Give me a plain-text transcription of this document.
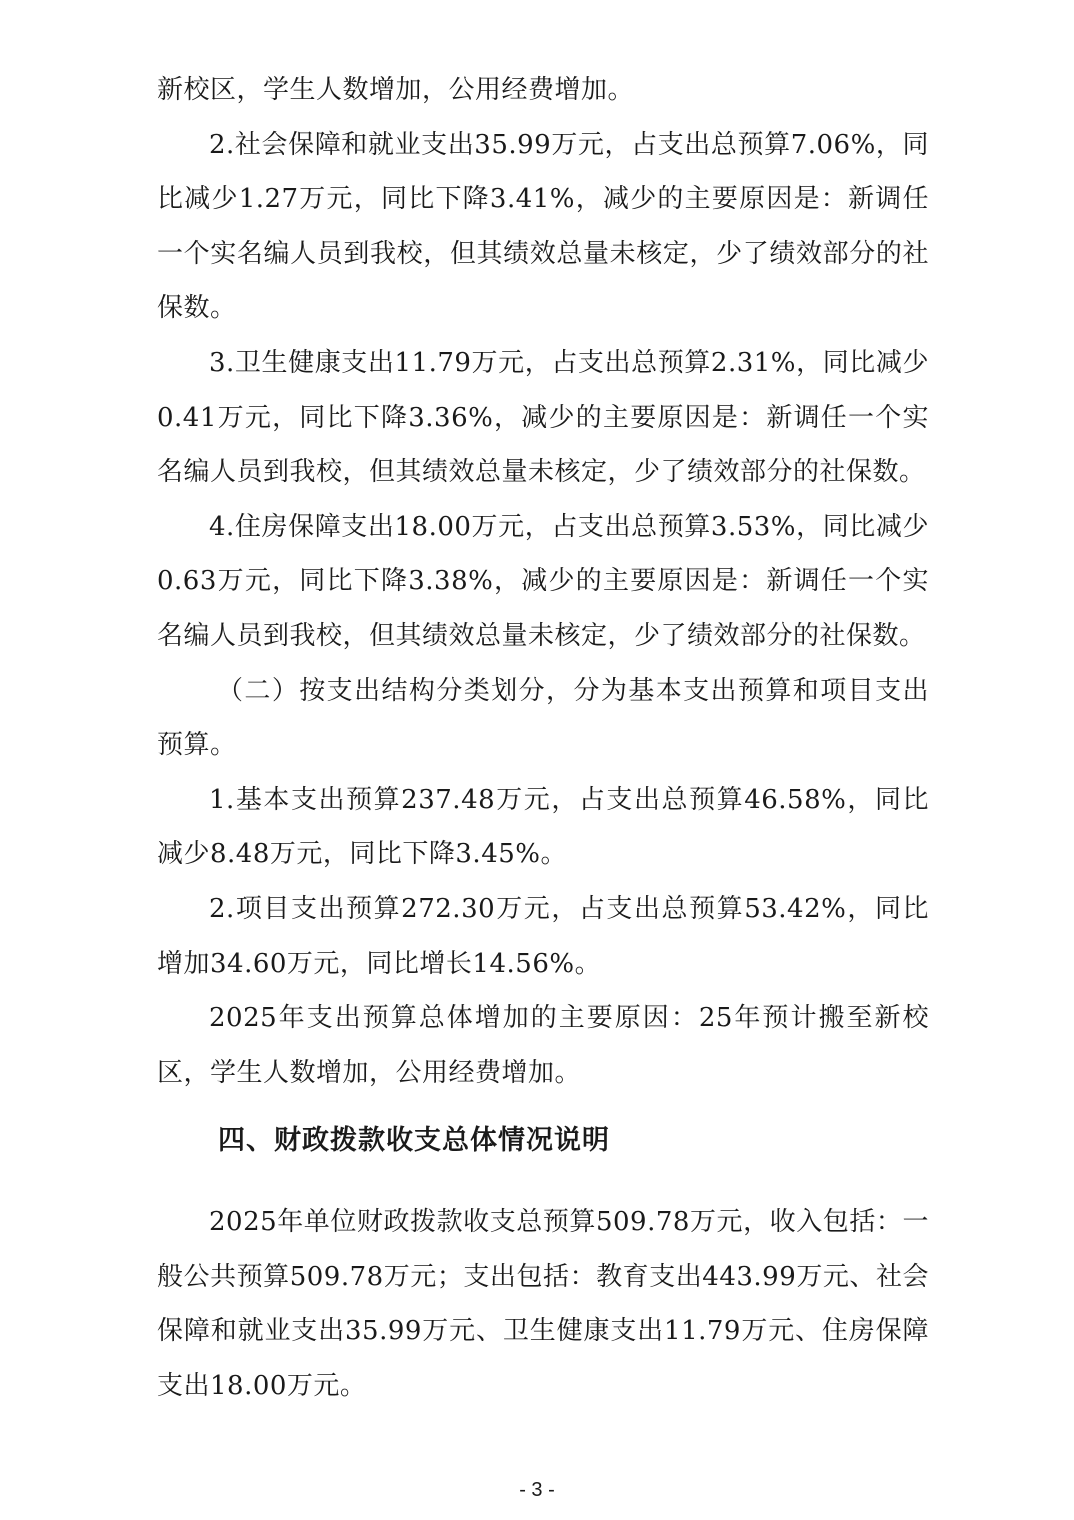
新校区，学生人数增加，公用经费增加。

2.社会保障和就业支出35.99万元，占支出总预算7.06%，同比减少1.27万元，同比下降3.41%，减少的主要原因是：新调任一个实名编人员到我校，但其绩效总量未核定，少了绩效部分的社保数。

3.卫生健康支出11.79万元，占支出总预算2.31%，同比减少0.41万元，同比下降3.36%，减少的主要原因是：新调任一个实名编人员到我校，但其绩效总量未核定，少了绩效部分的社保数。

4.住房保障支出18.00万元，占支出总预算3.53%，同比减少0.63万元，同比下降3.38%，减少的主要原因是：新调任一个实名编人员到我校，但其绩效总量未核定，少了绩效部分的社保数。

（二）按支出结构分类划分，分为基本支出预算和项目支出预算。

1.基本支出预算237.48万元，占支出总预算46.58%，同比减少8.48万元，同比下降3.45%。

2.项目支出预算272.30万元，占支出总预算53.42%，同比增加34.60万元，同比增长14.56%。

2025年支出预算总体增加的主要原因：25年预计搬至新校区，学生人数增加，公用经费增加。

四、财政拨款收支总体情况说明

2025年单位财政拨款收支总预算509.78万元，收入包括：一般公共预算509.78万元；支出包括：教育支出443.99万元、社会保障和就业支出35.99万元、卫生健康支出11.79万元、住房保障支出18.00万元。

- 3 -
